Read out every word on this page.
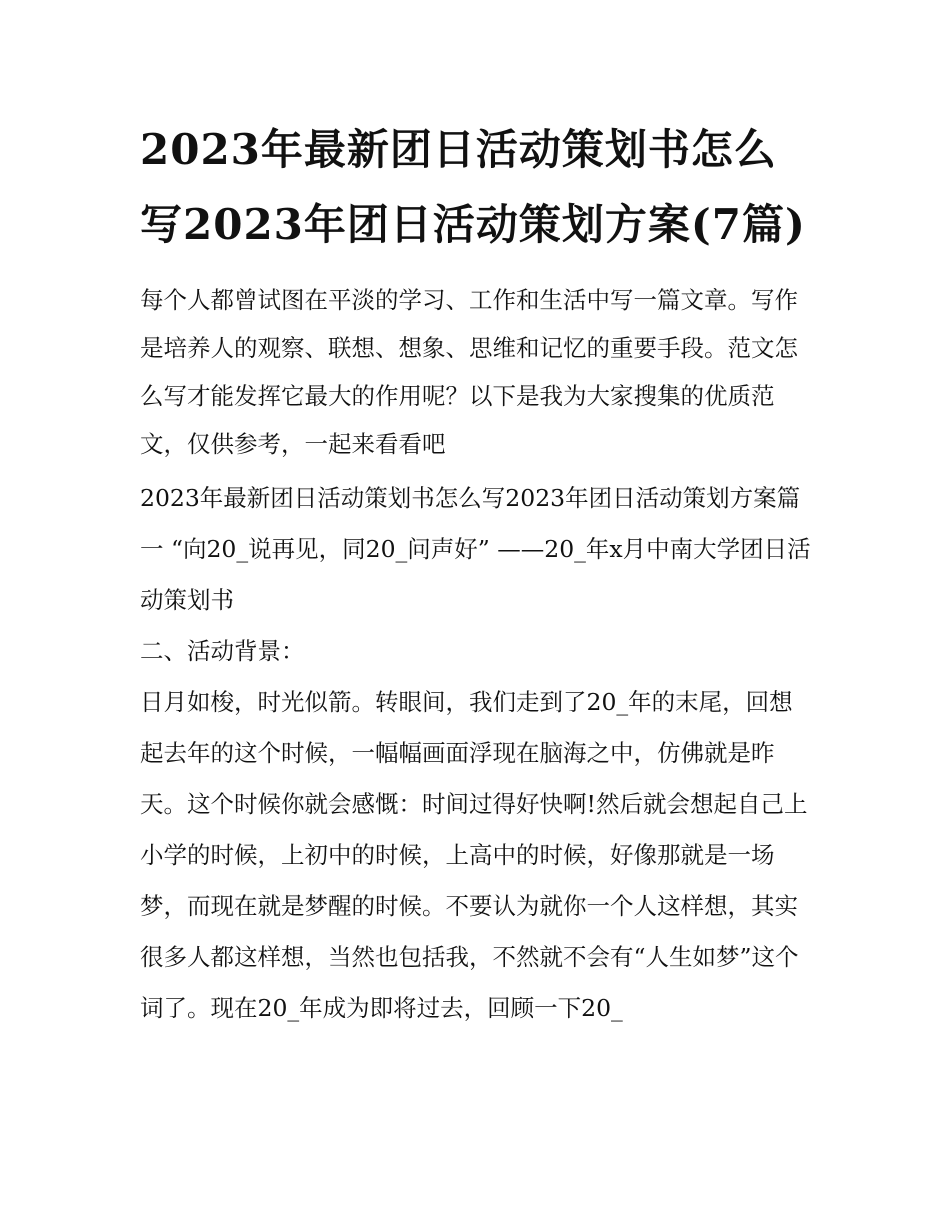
2023年最新团日活动策划书怎么写2023年团日活动策划方案(7篇)

每个人都曾试图在平淡的学习、工作和生活中写一篇文章。写作是培养人的观察、联想、想象、思维和记忆的重要手段。范文怎么写才能发挥它最大的作用呢？以下是我为大家搜集的优质范文，仅供参考，一起来看看吧

2023年最新团日活动策划书怎么写2023年团日活动策划方案篇一 “向20_说再见，同20_问声好” ——20_年x月中南大学团日活动策划书

二、活动背景：

日月如梭，时光似箭。转眼间，我们走到了20_年的末尾，回想起去年的这个时候，一幅幅画面浮现在脑海之中，仿佛就是昨天。这个时候你就会感慨：时间过得好快啊!然后就会想起自己上小学的时候，上初中的时候，上高中的时候，好像那就是一场梦，而现在就是梦醒的时候。不要认为就你一个人这样想，其实很多人都这样想，当然也包括我，不然就不会有“人生如梦”这个词了。现在20_年成为即将过去，回顾一下20_
